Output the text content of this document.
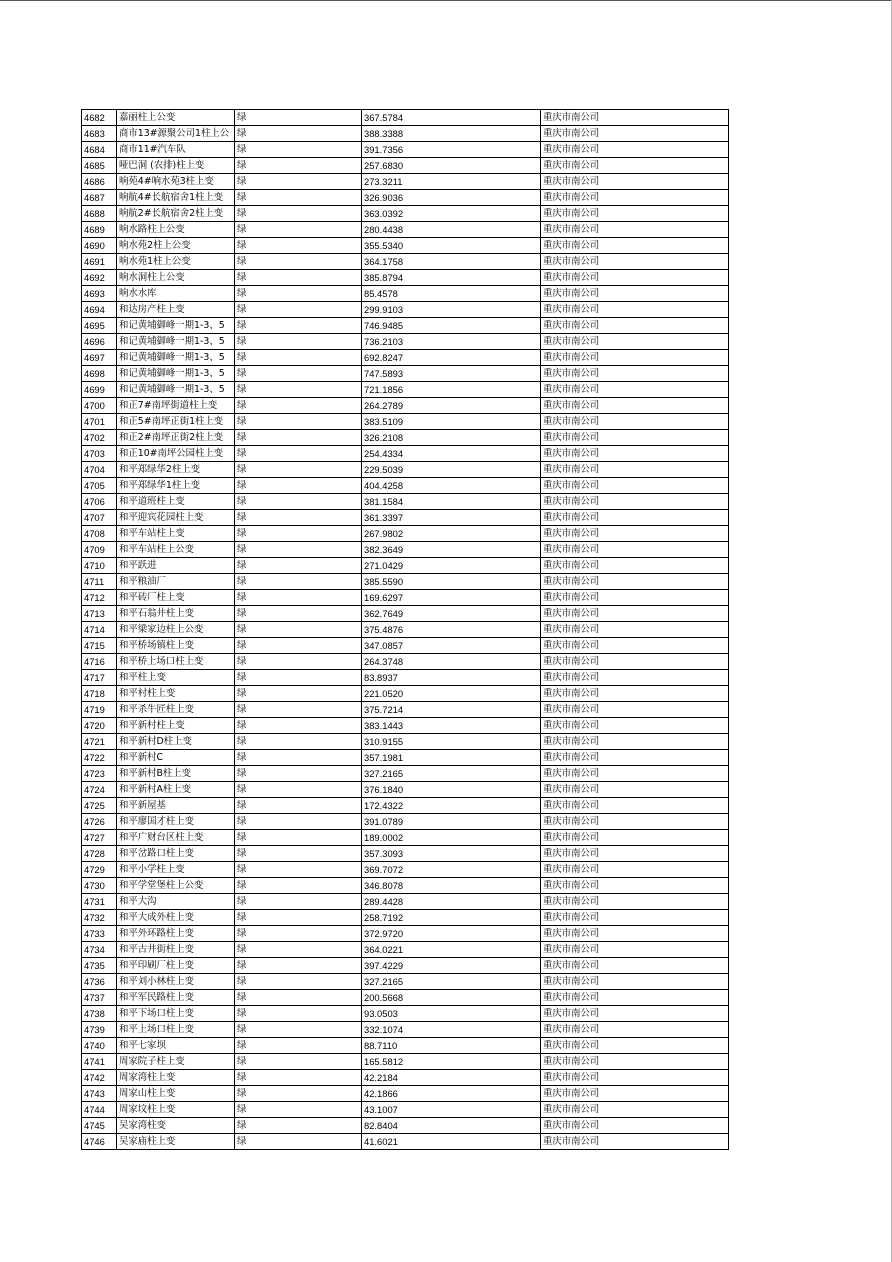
4682	嘉丽柱上公变	绿	367.5784	重庆市南公司
4683	商市13#源聚公司1柱上公	绿	388.3388	重庆市南公司
4684	商市11#汽车队	绿	391.7356	重庆市南公司
4685	哑巴洞 (农排)柱上变	绿	257.6830	重庆市南公司
4686	响苑4#响水苑3柱上变	绿	273.3211	重庆市南公司
4687	响航4#长航宿舍1柱上变	绿	326.9036	重庆市南公司
4688	响航2#长航宿舍2柱上变	绿	363.0392	重庆市南公司
4689	响水路柱上公变	绿	280.4438	重庆市南公司
4690	响水苑2柱上公变	绿	355.5340	重庆市南公司
4691	响水苑1柱上公变	绿	364.1758	重庆市南公司
4692	响水洞柱上公变	绿	385.8794	重庆市南公司
4693	响水水库	绿	85.4578	重庆市南公司
4694	和达房产柱上变	绿	299.9103	重庆市南公司
4695	和记黄埔御峰一期1-3、5	绿	746.9485	重庆市南公司
4696	和记黄埔御峰一期1-3、5	绿	736.2103	重庆市南公司
4697	和记黄埔御峰一期1-3、5	绿	692.8247	重庆市南公司
4698	和记黄埔御峰一期1-3、5	绿	747.5893	重庆市南公司
4699	和记黄埔御峰一期1-3、5	绿	721.1856	重庆市南公司
4700	和正7#南坪街道柱上变	绿	264.2789	重庆市南公司
4701	和正5#南坪正街1柱上变	绿	383.5109	重庆市南公司
4702	和正2#南坪正街2柱上变	绿	326.2108	重庆市南公司
4703	和正10#南坪公园柱上变	绿	254.4334	重庆市南公司
4704	和平郑绿华2柱上变	绿	229.5039	重庆市南公司
4705	和平郑绿华1柱上变	绿	404.4258	重庆市南公司
4706	和平道班柱上变	绿	381.1584	重庆市南公司
4707	和平迎宾花园柱上变	绿	361.3397	重庆市南公司
4708	和平车站柱上变	绿	267.9802	重庆市南公司
4709	和平车站柱上公变	绿	382.3649	重庆市南公司
4710	和平跃进	绿	271.0429	重庆市南公司
4711	和平粮油厂	绿	385.5590	重庆市南公司
4712	和平砖厂柱上变	绿	169.6297	重庆市南公司
4713	和平石翁井柱上变	绿	362.7649	重庆市南公司
4714	和平梁家边柱上公变	绿	375.4876	重庆市南公司
4715	和平桥场镇柱上变	绿	347.0857	重庆市南公司
4716	和平桥上场口柱上变	绿	264.3748	重庆市南公司
4717	和平柱上变	绿	83.8937	重庆市南公司
4718	和平村柱上变	绿	221.0520	重庆市南公司
4719	和平杀牛匠柱上变	绿	375.7214	重庆市南公司
4720	和平新村柱上变	绿	383.1443	重庆市南公司
4721	和平新村D柱上变	绿	310.9155	重庆市南公司
4722	和平新村C	绿	357.1981	重庆市南公司
4723	和平新村B柱上变	绿	327.2165	重庆市南公司
4724	和平新村A柱上变	绿	376.1840	重庆市南公司
4725	和平新屋基	绿	172.4322	重庆市南公司
4726	和平廖国才柱上变	绿	391.0789	重庆市南公司
4727	和平广财台区柱上变	绿	189.0002	重庆市南公司
4728	和平岔路口柱上变	绿	357.3093	重庆市南公司
4729	和平小学柱上变	绿	369.7072	重庆市南公司
4730	和平学堂堡柱上公变	绿	346.8078	重庆市南公司
4731	和平大沟	绿	289.4428	重庆市南公司
4732	和平大成外柱上变	绿	258.7192	重庆市南公司
4733	和平外环路柱上变	绿	372.9720	重庆市南公司
4734	和平古井街柱上变	绿	364.0221	重庆市南公司
4735	和平印刷厂柱上变	绿	397.4229	重庆市南公司
4736	和平刘小林柱上变	绿	327.2165	重庆市南公司
4737	和平军民路柱上变	绿	200.5668	重庆市南公司
4738	和平下场口柱上变	绿	93.0503	重庆市南公司
4739	和平上场口柱上变	绿	332.1074	重庆市南公司
4740	和平七家坝	绿	88.7110	重庆市南公司
4741	周家院子柱上变	绿	165.5812	重庆市南公司
4742	周家湾柱上变	绿	42.2184	重庆市南公司
4743	周家山柱上变	绿	42.1866	重庆市南公司
4744	周家坟柱上变	绿	43.1007	重庆市南公司
4745	吴家湾柱变	绿	82.8404	重庆市南公司
4746	吴家庙柱上变	绿	41.6021	重庆市南公司
